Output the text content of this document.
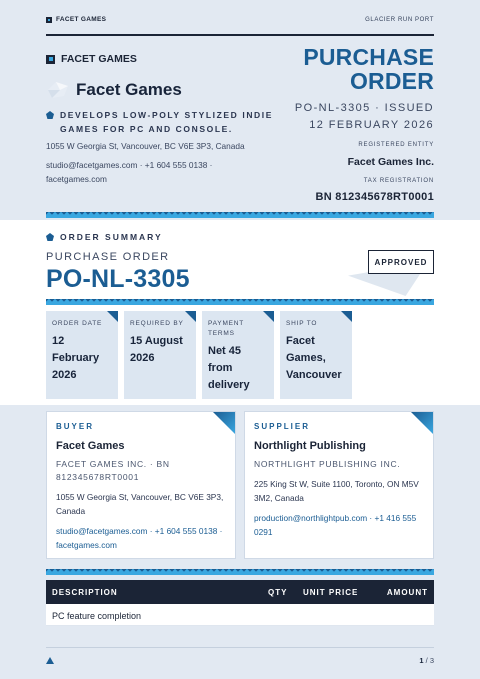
FACET GAMES	GLACIER RUN PORT
FACET GAMES
Facet Games
DEVELOPS LOW-POLY STYLIZED INDIE GAMES FOR PC AND CONSOLE.
1055 W Georgia St, Vancouver, BC V6E 3P3, Canada
studio@facetgames.com · +1 604 555 0138 · facetgames.com
PURCHASE
ORDER
PO-NL-3305 · ISSUED
12 FEBRUARY 2026
REGISTERED ENTITY
Facet Games Inc.
TAX REGISTRATION
BN 812345678RT0001
ORDER SUMMARY
PURCHASE ORDER
PO-NL-3305
APPROVED
ORDER DATE
12 February 2026
REQUIRED BY
15 August 2026
PAYMENT TERMS
Net 45 from delivery
SHIP TO
Facet Games, Vancouver
BUYER
Facet Games
FACET GAMES INC. · BN 812345678RT0001
1055 W Georgia St, Vancouver, BC V6E 3P3, Canada
studio@facetgames.com · +1 604 555 0138 · facetgames.com
SUPPLIER
Northlight Publishing
NORTHLIGHT PUBLISHING INC.
225 King St W, Suite 1100, Toronto, ON M5V 3M2, Canada
production@northlightpub.com · +1 416 555 0291
DESCRIPTION	QTY UNIT PRICE	AMOUNT
PC feature completion
1 / 3
